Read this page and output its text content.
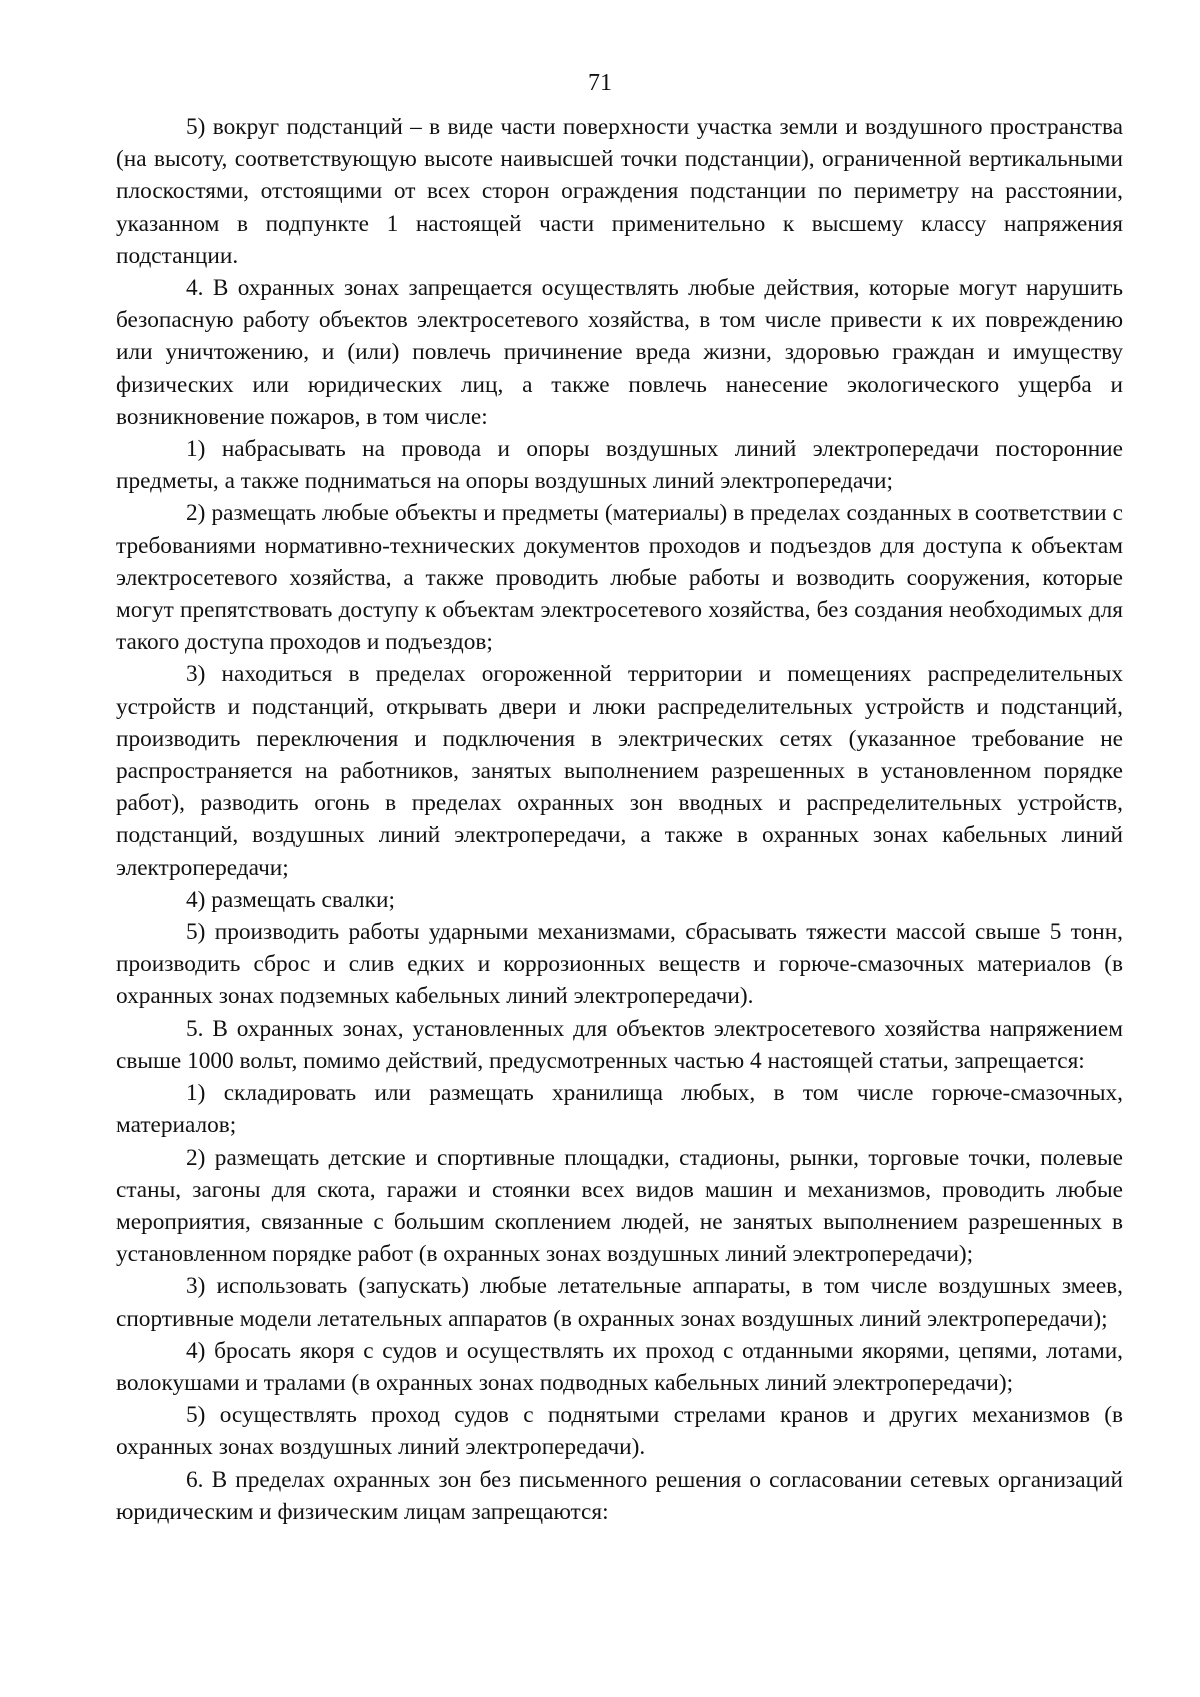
71

5) вокруг подстанций – в виде части поверхности участка земли и воздушного пространства (на высоту, соответствующую высоте наивысшей точки подстанции), ограниченной вертикальными плоскостями, отстоящими от всех сторон ограждения подстанции по периметру на расстоянии, указанном в подпункте 1 настоящей части применительно к высшему классу напряжения подстанции.

4. В охранных зонах запрещается осуществлять любые действия, которые могут нарушить безопасную работу объектов электросетевого хозяйства, в том числе привести к их повреждению или уничтожению, и (или) повлечь причинение вреда жизни, здоровью граждан и имуществу физических или юридических лиц, а также повлечь нанесение экологического ущерба и возникновение пожаров, в том числе:

1) набрасывать на провода и опоры воздушных линий электропередачи посторонние предметы, а также подниматься на опоры воздушных линий электропередачи;

2) размещать любые объекты и предметы (материалы) в пределах созданных в соответствии с требованиями нормативно-технических документов проходов и подъездов для доступа к объектам электросетевого хозяйства, а также проводить любые работы и возводить сооружения, которые могут препятствовать доступу к объектам электросетевого хозяйства, без создания необходимых для такого доступа проходов и подъездов;

3) находиться в пределах огороженной территории и помещениях распределительных устройств и подстанций, открывать двери и люки распределительных устройств и подстанций, производить переключения и подключения в электрических сетях (указанное требование не распространяется на работников, занятых выполнением разрешенных в установленном порядке работ), разводить огонь в пределах охранных зон вводных и распределительных устройств, подстанций, воздушных линий электропередачи, а также в охранных зонах кабельных линий электропередачи;

4) размещать свалки;

5) производить работы ударными механизмами, сбрасывать тяжести массой свыше 5 тонн, производить сброс и слив едких и коррозионных веществ и горюче-смазочных материалов (в охранных зонах подземных кабельных линий электропередачи).

5. В охранных зонах, установленных для объектов электросетевого хозяйства напряжением свыше 1000 вольт, помимо действий, предусмотренных частью 4 настоящей статьи, запрещается:

1) складировать или размещать хранилища любых, в том числе горюче-смазочных, материалов;

2) размещать детские и спортивные площадки, стадионы, рынки, торговые точки, полевые станы, загоны для скота, гаражи и стоянки всех видов машин и механизмов, проводить любые мероприятия, связанные с большим скоплением людей, не занятых выполнением разрешенных в установленном порядке работ (в охранных зонах воздушных линий электропередачи);

3) использовать (запускать) любые летательные аппараты, в том числе воздушных змеев, спортивные модели летательных аппаратов (в охранных зонах воздушных линий электропередачи);

4) бросать якоря с судов и осуществлять их проход с отданными якорями, цепями, лотами, волокушами и тралами (в охранных зонах подводных кабельных линий электропередачи);

5) осуществлять проход судов с поднятыми стрелами кранов и других механизмов (в охранных зонах воздушных линий электропередачи).

6. В пределах охранных зон без письменного решения о согласовании сетевых организаций юридическим и физическим лицам запрещаются:
